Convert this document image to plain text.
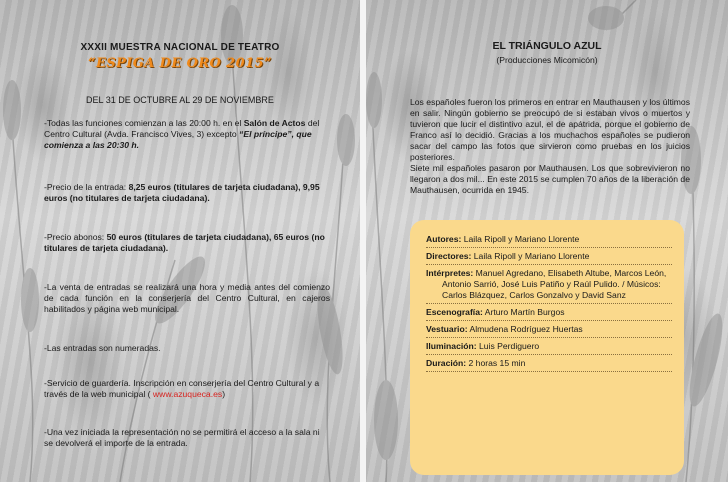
XXXII MUESTRA NACIONAL DE TEATRO
“ESPIGA DE ORO 2015”
DEL 31 DE OCTUBRE AL 29 DE NOVIEMBRE
-Todas las funciones comienzan a las 20:00 h. en el Salón de Actos del Centro Cultural (Avda. Francisco Vives, 3) excepto “El príncipe”, que comienza a las 20:30 h.
-Precio de la entrada: 8,25 euros (titulares de tarjeta ciudadana), 9,95 euros (no titulares de tarjeta ciudadana).
-Precio abonos: 50 euros (titulares de tarjeta ciudadana), 65 euros (no titulares de tarjeta ciudadana).
-La venta de entradas se realizará una hora y media antes del comienzo de cada función en la conserjería del Centro Cultural, en cajeros habilitados y página web municipal.
-Las entradas son numeradas.
-Servicio de guardería. Inscripción en conserjería del Centro Cultural y a través de la web municipal ( www.azuqueca.es)
-Una vez iniciada la representación no se permitirá el acceso a la sala ni se devolverá el importe de la entrada.
EL TRIÁNGULO AZUL
(Producciones Micomicón)
Los españoles fueron los primeros en entrar en Mauthausen y los últimos en salir. Ningún gobierno se preocupó de si estaban vivos o muertos y tuvieron que lucir el distintivo azul, el de apátrida, porque el gobierno de Franco así lo decidió. Gracias a los muchachos españoles se pudieron sacar del campo las fotos que sirvieron como pruebas en los juicios posteriores.
Siete mil españoles pasaron por Mauthausen. Los que sobrevivieron no llegaron a dos mil... En este 2015 se cumplen 70 años de la liberación de Mauthausen, ocurrida en 1945.
Autores: Laila Ripoll y Mariano Llorente
Directores: Laila Ripoll y Mariano Llorente
Intérpretes: Manuel Agredano, Elisabeth Altube, Marcos León,
Antonio Sarrió, José Luis Patiño y Raúl Pulido. / Músicos:
Carlos Blázquez, Carlos Gonzalvo y David Sanz
Escenografía: Arturo Martín Burgos
Vestuario: Almudena Rodríguez Huertas
Iluminación: Luis Perdiguero
Duración: 2 horas 15 min
